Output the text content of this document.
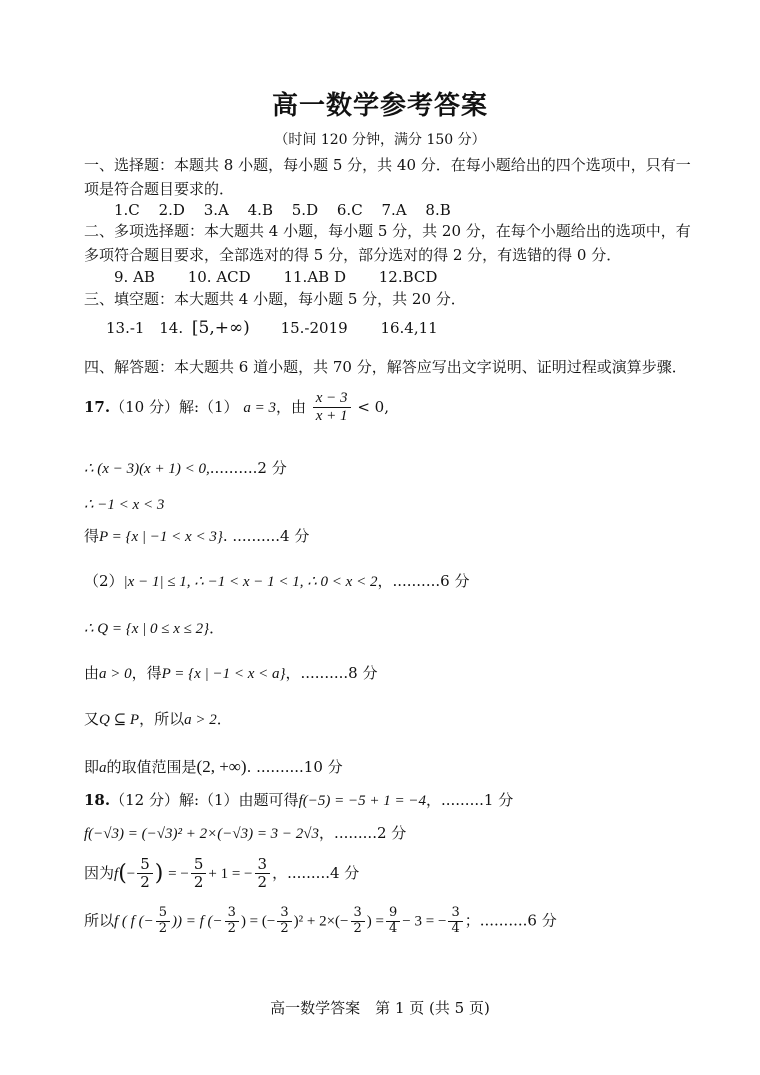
高一数学参考答案
（时间 120 分钟，满分 150 分）
一、选择题：本题共 8 小题，每小题 5 分，共 40 分．在每小题给出的四个选项中，只有一
项是符合题目要求的．
1.C 2.D 3.A 4.B 5.D 6.C 7.A 8.B
二、多项选择题：本大题共 4 小题，每小题 5 分，共 20 分，在每个小题给出的选项中，有
多项符合题目要求，全部选对的得 5 分，部分选对的得 2 分，有选错的得 0 分．
9. AB 10. ACD 11.AB D 12.BCD
三、填空题：本大题共 4 小题，每小题 5 分，共 20 分．
13.-1 14. [5,+∞) 15.-2019 16.4,11
四、解答题：本大题共 6 道小题，共 70 分，解答应写出文字说明、证明过程或演算步骤．
17.（10 分）解:（1） a = 3，由 $\frac{x - 3}{x + 1} < 0$,
∴ (x − 3)(x + 1) < 0,..........2 分
∴ −1 < x < 3
得P = {x | −1 < x < 3}. ..........4 分
（2）|x − 1| ≤ 1, ∴ −1 < x − 1 < 1, ∴ 0 < x < 2，..........6 分
∴ Q = {x | 0 ≤ x ≤ 2}．
由a > 0，得P = {x | −1 < x < a}，..........8 分
又Q ⊆ P，所以a > 2．
即a的取值范围是(2, +∞). ..........10 分
18.（12 分）解:（1）由题可得f(−5) = −5 + 1 = −4，.........1 分
f(−√3) = (−√3)² + 2×(−√3) = 3 − 2√3，.........2 分
因为$f(- \frac{5}{2}$ ) = − $\frac{5}{2} + 1$ = − $\frac{3}{2}$ ，.........4 分
所以f ( f (− $\frac{5}{2}$ )) = f (− $\frac{3}{2}$ ) = (− $\frac{3}{2} )^2 + 2\times(- \frac{3}{2}$ ) = $\frac{9}{4} - 3$ = − $\frac{3}{4}$ ；..........6 分
高一数学答案　第 1 页 (共 5 页)
